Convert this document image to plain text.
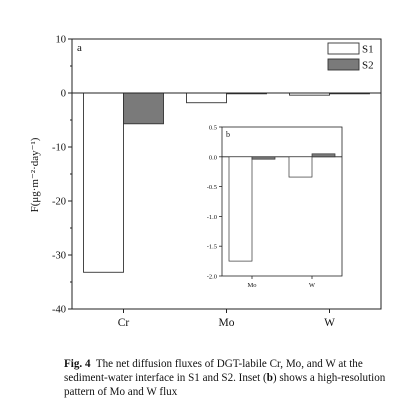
10
0
-10
-20
-30
-40
Cr	Mo	W
a	S1
S2
0.5
0.0
-0.5
-1.0
-1.5
-2.0
Mo	W
b
F(μg·m⁻²·day⁻¹)
Fig. 4 The net diffusion fluxes of DGT-labile Cr, Mo, and W at the sediment-water interface in S1 and S2. Inset (b) shows a high-resolution pattern of Mo and W flux
